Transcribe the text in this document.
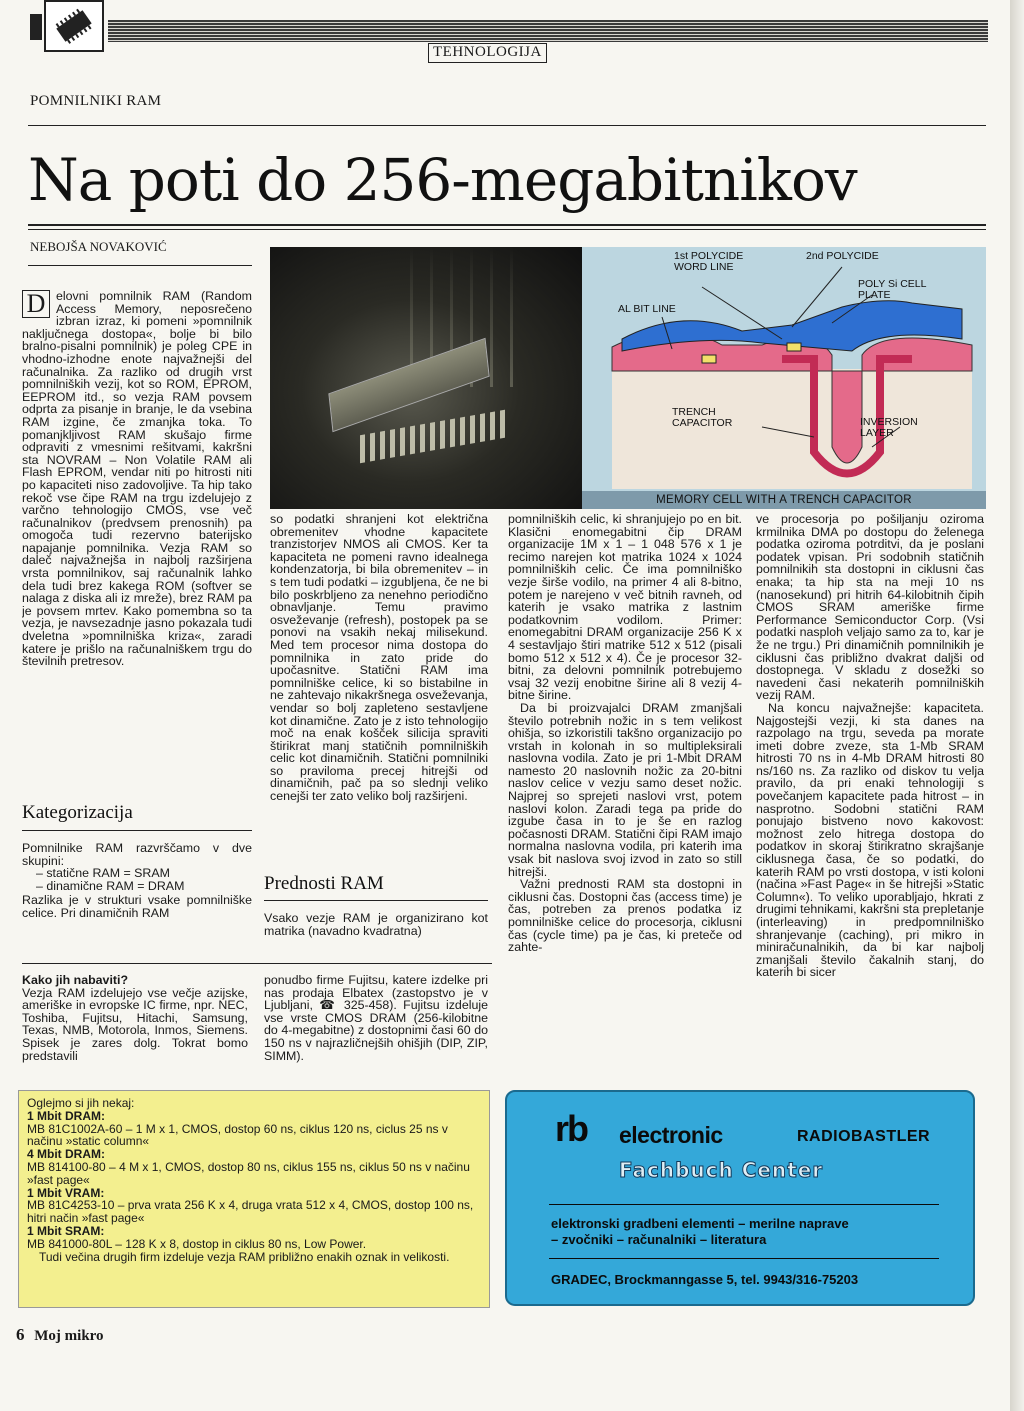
TEHNOLOGIJA
POMNILNIKI RAM
Na poti do 256-megabitnikov
NEBOJŠA NOVAKOVIĆ
D elovni pomnilnik RAM (Random Access Memory, neposrečeno izbran izraz, ki pomeni »pomnilnik naključnega dostopa«, bolje bi bilo bralno-pisalni pomnilnik) je poleg CPE in vhodno-izhodne enote najvažnejši del računalnika. Za razliko od drugih vrst pomnilniških vezij, kot so ROM, EPROM, EEPROM itd., so vezja RAM povsem odprta za pisanje in branje, le da vsebina RAM izgine, če zmanjka toka. To pomanjkljivost RAM skušajo firme odpraviti z vmesnimi rešitvami, kakršni sta NOVRAM – Non Volatile RAM ali Flash EPROM, vendar niti po hitrosti niti po kapaciteti niso zadovoljive. Ta hip tako rekoč vse čipe RAM na trgu izdelujejo z varčno tehnologijo CMOS, vse več računalnikov (predvsem prenosnih) pa omogoča tudi rezervno baterijsko napajanje pomnilnika. Vezja RAM so daleč najvažnejša in najbolj razširjena vrsta pomnilnikov, saj računalnik lahko dela tudi brez kakega ROM (softver se nalaga z diska ali iz mreže), brez RAM pa je povsem mrtev. Kako pomembna so ta vezja, je navsezadnje jasno pokazala tudi dveletna »pomnilniška kriza«, zaradi katere je prišlo na računalniškem trgu do številnih pretresov.
Kategorizacija
Pomnilnike RAM razvrščamo v dve skupini:
– statične RAM = SRAM
– dinamične RAM = DRAM
Razlika je v strukturi vsake pomnilniške celice. Pri dinamičnih RAM
1st POLYCIDE WORD LINE
2nd POLYCIDE
POLY Si CELL PLATE
AL BIT LINE
TRENCH CAPACITOR	INVERSION LAYER
MEMORY CELL WITH A TRENCH CAPACITOR
so podatki shranjeni kot električna obremenitev vhodne kapacitete tranzistorjev NMOS ali CMOS. Ker ta kapaciteta ne pomeni ravno idealnega kondenzatorja, bi bila obremenitev – in s tem tudi podatki – izgubljena, če ne bi bilo poskrbljeno za nenehno periodično obnavljanje. Temu pravimo osveževanje (refresh), postopek pa se ponovi na vsakih nekaj milisekund. Med tem procesor nima dostopa do pomnilnika in zato pride do upočasnitve. Statični RAM ima pomnilniške celice, ki so bistabilne in ne zahtevajo nikakršnega osveževanja, vendar so bolj zapleteno sestavljene kot dinamične. Zato je z isto tehnologijo moč na enak košček silicija spraviti štirikrat manj statičnih pomnilniških celic kot dinamičnih. Statični pomnilniki so praviloma precej hitrejši od dinamičnih, pač pa so slednji veliko cenejši ter zato veliko bolj razširjeni.
Prednosti RAM
Vsako vezje RAM je organizirano kot matrika (navadno kvadratna)

pomnilniških celic, ki shranjujejo po en bit. Klasični enomegabitni čip DRAM organizacije 1M x 1 – 1 048 576 x 1 je recimo narejen kot matrika 1024 x 1024 pomnilniških celic. Če ima pomnilniško vezje širše vodilo, na primer 4 ali 8-bitno, potem je narejeno v več bitnih ravneh, od katerih je vsako matrika z lastnim podatkovnim vodilom. Primer: enomegabitni DRAM organizacije 256 K x 4 sestavljajo štiri matrike 512 x 512 (pisali bomo 512 x 512 x 4). Če je procesor 32-bitni, za delovni pomnilnik potrebujemo vsaj 32 vezij enobitne širine ali 8 vezij 4-bitne širine.

Da bi proizvajalci DRAM zmanjšali število potrebnih nožic in s tem velikost ohišja, so izkoristili takšno organizacijo po vrstah in kolonah in so multipleksirali naslovna vodila. Zato je pri 1-Mbit DRAM namesto 20 naslovnih nožic za 20-bitni naslov celice v vezju samo deset nožic. Najprej so sprejeti naslovi vrst, potem naslovi kolon. Zaradi tega pa pride do izgube časa in to je še en razlog počasnosti DRAM. Statični čipi RAM imajo normalna naslovna vodila, pri katerih ima vsak bit naslova svoj izvod in zato so still hitrejši.

Važni prednosti RAM sta dostopni in ciklusni čas. Dostopni čas (access time) je čas, potreben za prenos podatka iz pomnilniške celice do procesorja, ciklusni čas (cycle time) pa je čas, ki preteče od zahte-

ve procesorja po pošiljanju oziroma krmilnika DMA po dostopu do želenega podatka oziroma potrditvi, da je poslani podatek vpisan. Pri sodobnih statičnih pomnilnikih sta dostopni in ciklusni čas enaka; ta hip sta na meji 10 ns (nanosekund) pri hitrih 64-kilobitnih čipih CMOS SRAM ameriške firme Performance Semiconductor Corp. (Vsi podatki nasploh veljajo samo za to, kar je že ne trgu.) Pri dinamičnih pomnilnikih je ciklusni čas približno dvakrat daljši od dostopnega. V skladu z dosežki so navedeni časi nekaterih pomnilniških vezij RAM.

Na koncu najvažnejše: kapaciteta. Najgostejši vezji, ki sta danes na razpolago na trgu, seveda pa morate imeti dobre zveze, sta 1-Mb SRAM hitrosti 70 ns in 4-Mb DRAM hitrosti 80 ns/160 ns. Za razliko od diskov tu velja pravilo, da pri enaki tehnologiji s povečanjem kapacitete pada hitrost – in nasprotno. Sodobni statični RAM ponujajo bistveno novo kakovost: možnost zelo hitrega dostopa do podatkov in skoraj štirikratno skrajšanje ciklusnega časa, če so podatki, do katerih RAM po vrsti dostopa, v isti koloni (načina »Fast Page« in še hitrejši »Static Column«). To veliko uporabljajo, hkrati z drugimi tehnikami, kakršni sta prepletanje (interleaving) in predpomnilniško shranjevanje (caching), pri mikro in miniračunalnikih, da bi kar najbolj zmanjšali število čakalnih stanj, do katerih bi sicer

Kako jih nabaviti?
Vezja RAM izdelujejo vse večje azijske, ameriške in evropske IC firme, npr. NEC, Toshiba, Fujitsu, Hitachi, Samsung, Texas, NMB, Motorola, Inmos, Siemens. Spisek je zares dolg. Tokrat bomo predstavili
ponudbo firme Fujitsu, katere izdelke pri nas prodaja Elbatex (zastopstvo je v Ljubljani, ☎ 325-458). Fujitsu izdeluje vse vrste CMOS DRAM (256-kilobitne do 4-megabitne) z dostopnimi časi 60 do 150 ns v najrazličnejših ohišjih (DIP, ZIP, SIMM).
Oglejmo si jih nekaj:
1 Mbit DRAM:
MB 81C1002A-60 – 1 M x 1, CMOS, dostop 60 ns, ciklus 120 ns, ciclus 25 ns v načinu »static column«
4 Mbit DRAM:
MB 814100-80 – 4 M x 1, CMOS, dostop 80 ns, ciklus 155 ns, ciklus 50 ns v načinu »fast page«
1 Mbit VRAM:
MB 81C4253-10 – prva vrata 256 K x 4, druga vrata 512 x 4, CMOS, dostop 100 ns, hitri način »fast page«
1 Mbit SRAM:
MB 841000-80L – 128 K x 8, dostop in ciklus 80 ns, Low Power.
Tudi večina drugih firm izdeluje vezja RAM približno enakih oznak in velikosti.
rb electronic	RADIOBASTLER
Fachbuch Center
elektronski gradbeni elementi – merilne naprave
– zvočniki – računalniki – literatura
GRADEC, Brockmanngasse 5, tel. 9943/316-75203
6 Moj mikro
